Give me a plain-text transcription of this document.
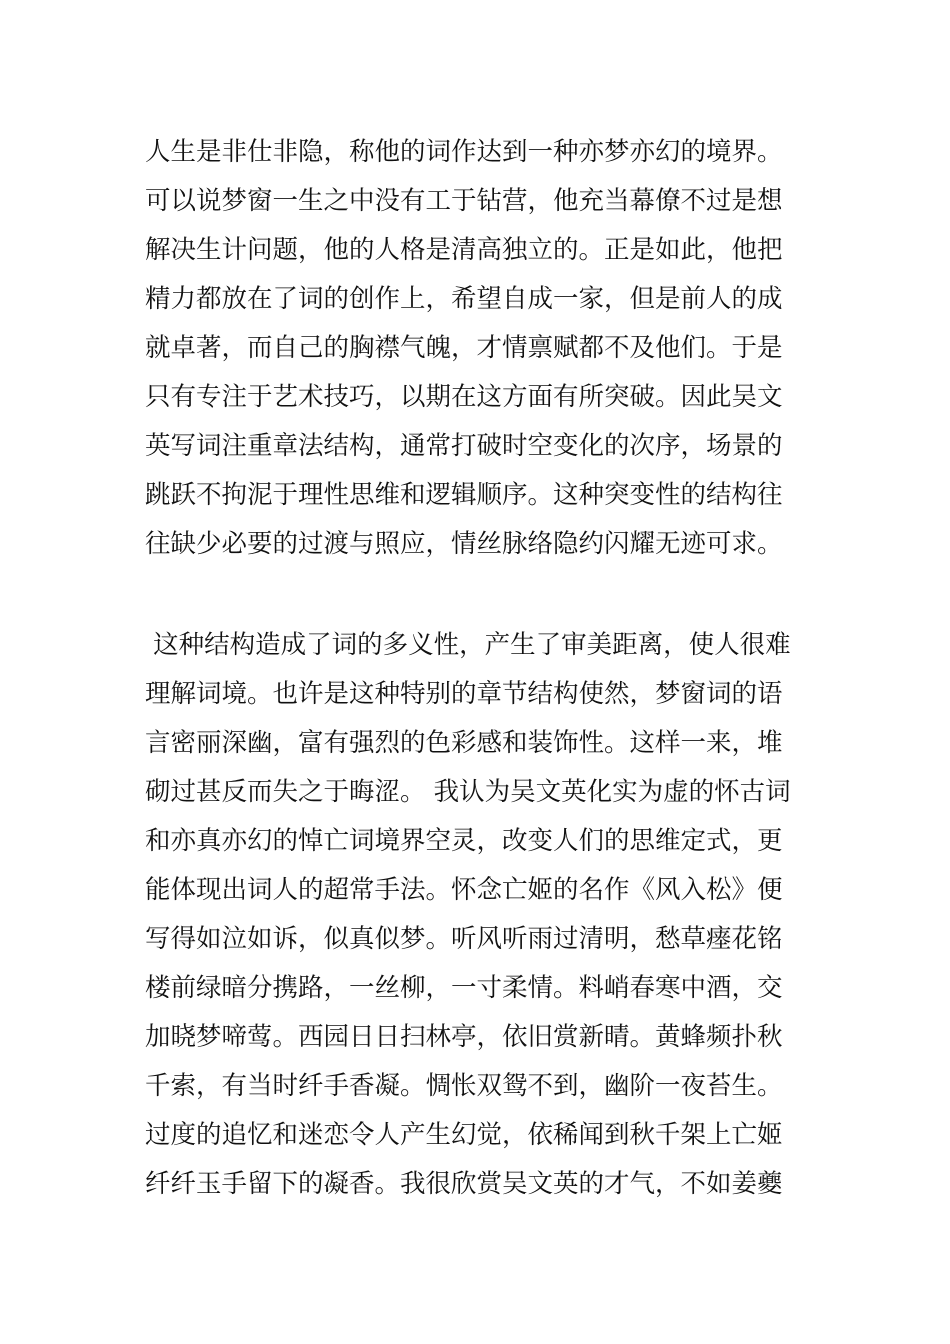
人生是非仕非隐，称他的词作达到一种亦梦亦幻的境界。
可以说梦窗一生之中没有工于钻营，他充当幕僚不过是想
解决生计问题，他的人格是清高独立的。正是如此，他把
精力都放在了词的创作上，希望自成一家，但是前人的成
就卓著，而自己的胸襟气魄，才情禀赋都不及他们。于是
只有专注于艺术技巧，以期在这方面有所突破。因此吴文
英写词注重章法结构，通常打破时空变化的次序，场景的
跳跃不拘泥于理性思维和逻辑顺序。这种突变性的结构往
往缺少必要的过渡与照应，情丝脉络隐约闪耀无迹可求。
这种结构造成了词的多义性，产生了审美距离，使人很难
理解词境。也许是这种特别的章节结构使然，梦窗词的语
言密丽深幽，富有强烈的色彩感和装饰性。这样一来，堆
砌过甚反而失之于晦涩。 我认为吴文英化实为虚的怀古词
和亦真亦幻的悼亡词境界空灵，改变人们的思维定式，更
能体现出词人的超常手法。怀念亡姬的名作《风入松》便
写得如泣如诉，似真似梦。听风听雨过清明，愁草瘗花铭
楼前绿暗分携路，一丝柳，一寸柔情。料峭春寒中酒，交
加晓梦啼莺。西园日日扫林亭，依旧赏新晴。黄蜂频扑秋
千索，有当时纤手香凝。惆怅双鸳不到，幽阶一夜苔生。
过度的追忆和迷恋令人产生幻觉，依稀闻到秋千架上亡姬
纤纤玉手留下的凝香。我很欣赏吴文英的才气，不如姜夔
